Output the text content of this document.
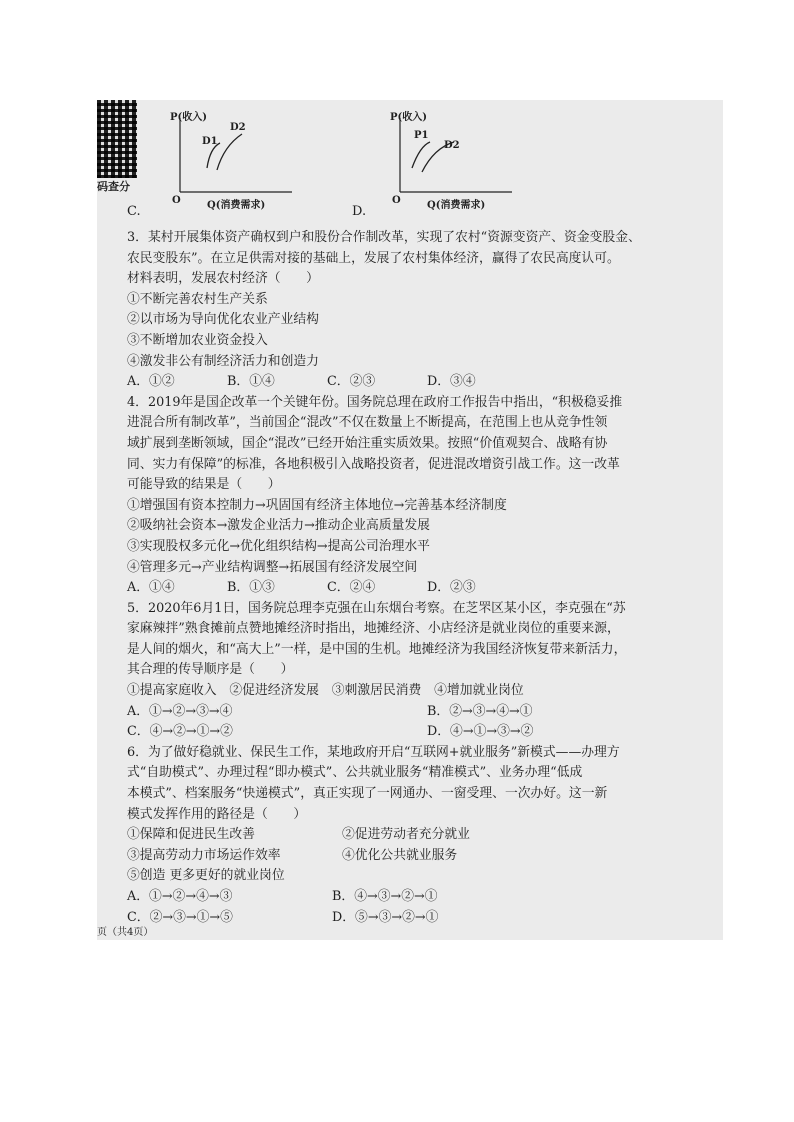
码查分
P(收入)
D1
D2
O	Q(消费需求)
C.
P(收入)
P1
D2
O	Q(消费需求)
D.
3．某村开展集体资产确权到户和股份合作制改革，实现了农村“资源变资产、资金变股金、
农民变股东”。在立足供需对接的基础上，发展了农村集体经济，赢得了农民高度认可。
材料表明，发展农村经济（　　）
①不断完善农村生产关系
②以市场为导向优化农业产业结构
③不断增加农业资金投入
④激发非公有制经济活力和创造力
A．①②	B．①④	C．②③	D．③④
4．2019年是国企改革一个关键年份。国务院总理在政府工作报告中指出，“积极稳妥推
进混合所有制改革”，当前国企“混改”不仅在数量上不断提高，在范围上也从竞争性领
域扩展到垄断领域，国企“混改”已经开始注重实质效果。按照“价值观契合、战略有协
同、实力有保障”的标准，各地积极引入战略投资者，促进混改增资引战工作。这一改革
可能导致的结果是（　　）
①增强国有资本控制力→巩固国有经济主体地位→完善基本经济制度
②吸纳社会资本→激发企业活力→推动企业高质量发展
③实现股权多元化→优化组织结构→提高公司治理水平
④管理多元→产业结构调整→拓展国有经济发展空间
A．①④	B．①③	C．②④	D．②③
5．2020年6月1日，国务院总理李克强在山东烟台考察。在芝罘区某小区，李克强在“苏
家麻辣拌”熟食摊前点赞地摊经济时指出，地摊经济、小店经济是就业岗位的重要来源，
是人间的烟火，和“高大上”一样，是中国的生机。地摊经济为我国经济恢复带来新活力，
其合理的传导顺序是（　　）
①提高家庭收入　②促进经济发展　③刺激居民消费　④增加就业岗位
A．①→②→③→④	B．②→③→④→①
C．④→②→①→②	D．④→①→③→②
6．为了做好稳就业、保民生工作，某地政府开启“互联网+就业服务”新模式——办理方
式“自助模式”、办理过程“即办模式”、公共就业服务“精准模式”、业务办理“低成
本模式”、档案服务“快递模式”，真正实现了一网通办、一窗受理、一次办好。这一新
模式发挥作用的路径是（　　）
①保障和促进民生改善	②促进劳动者充分就业
③提高劳动力市场运作效率	④优化公共就业服务
⑤创造 更多更好的就业岗位
A．①→②→④→③	B．④→③→②→①
C．②→③→①→⑤	D．⑤→③→②→①
页（共4页）
